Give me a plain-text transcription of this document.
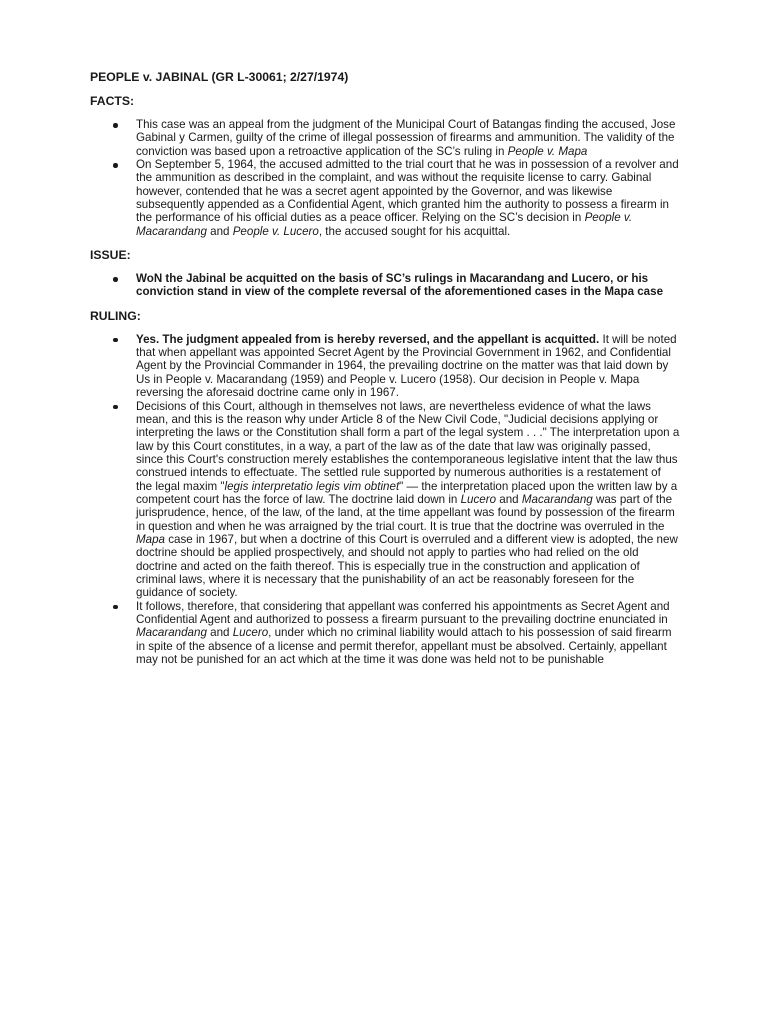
PEOPLE v. JABINAL (GR L-30061; 2/27/1974)
FACTS:
This case was an appeal from the judgment of the Municipal Court of Batangas finding the accused, Jose Gabinal y Carmen, guilty of the crime of illegal possession of firearms and ammunition. The validity of the conviction was based upon a retroactive application of the SC’s ruling in People v. Mapa
On September 5, 1964, the accused admitted to the trial court that he was in possession of a revolver and the ammunition as described in the complaint, and was without the requisite license to carry. Gabinal however, contended that he was a secret agent appointed by the Governor, and was likewise subsequently appended as a Confidential Agent, which granted him the authority to possess a firearm in the performance of his official duties as a peace officer. Relying on the SC’s decision in People v. Macarandang and People v. Lucero, the accused sought for his acquittal.
ISSUE:
WoN the Jabinal be acquitted on the basis of SC’s rulings in Macarandang and Lucero, or his conviction stand in view of the complete reversal of the aforementioned cases in the Mapa case
RULING:
Yes. The judgment appealed from is hereby reversed, and the appellant is acquitted. It will be noted that when appellant was appointed Secret Agent by the Provincial Government in 1962, and Confidential Agent by the Provincial Commander in 1964, the prevailing doctrine on the matter was that laid down by Us in People v. Macarandang (1959) and People v. Lucero (1958). Our decision in People v. Mapa reversing the aforesaid doctrine came only in 1967.
Decisions of this Court, although in themselves not laws, are nevertheless evidence of what the laws mean, and this is the reason why under Article 8 of the New Civil Code, "Judicial decisions applying or interpreting the laws or the Constitution shall form a part of the legal system . . ." The interpretation upon a law by this Court constitutes, in a way, a part of the law as of the date that law was originally passed, since this Court's construction merely establishes the contemporaneous legislative intent that the law thus construed intends to effectuate. The settled rule supported by numerous authorities is a restatement of the legal maxim "legis interpretatio legis vim obtinet" — the interpretation placed upon the written law by a competent court has the force of law. The doctrine laid down in Lucero and Macarandang was part of the jurisprudence, hence, of the law, of the land, at the time appellant was found by possession of the firearm in question and when he was arraigned by the trial court. It is true that the doctrine was overruled in the Mapa case in 1967, but when a doctrine of this Court is overruled and a different view is adopted, the new doctrine should be applied prospectively, and should not apply to parties who had relied on the old doctrine and acted on the faith thereof. This is especially true in the construction and application of criminal laws, where it is necessary that the punishability of an act be reasonably foreseen for the guidance of society.
It follows, therefore, that considering that appellant was conferred his appointments as Secret Agent and Confidential Agent and authorized to possess a firearm pursuant to the prevailing doctrine enunciated in Macarandang and Lucero, under which no criminal liability would attach to his possession of said firearm in spite of the absence of a license and permit therefor, appellant must be absolved. Certainly, appellant may not be punished for an act which at the time it was done was held not to be punishable
